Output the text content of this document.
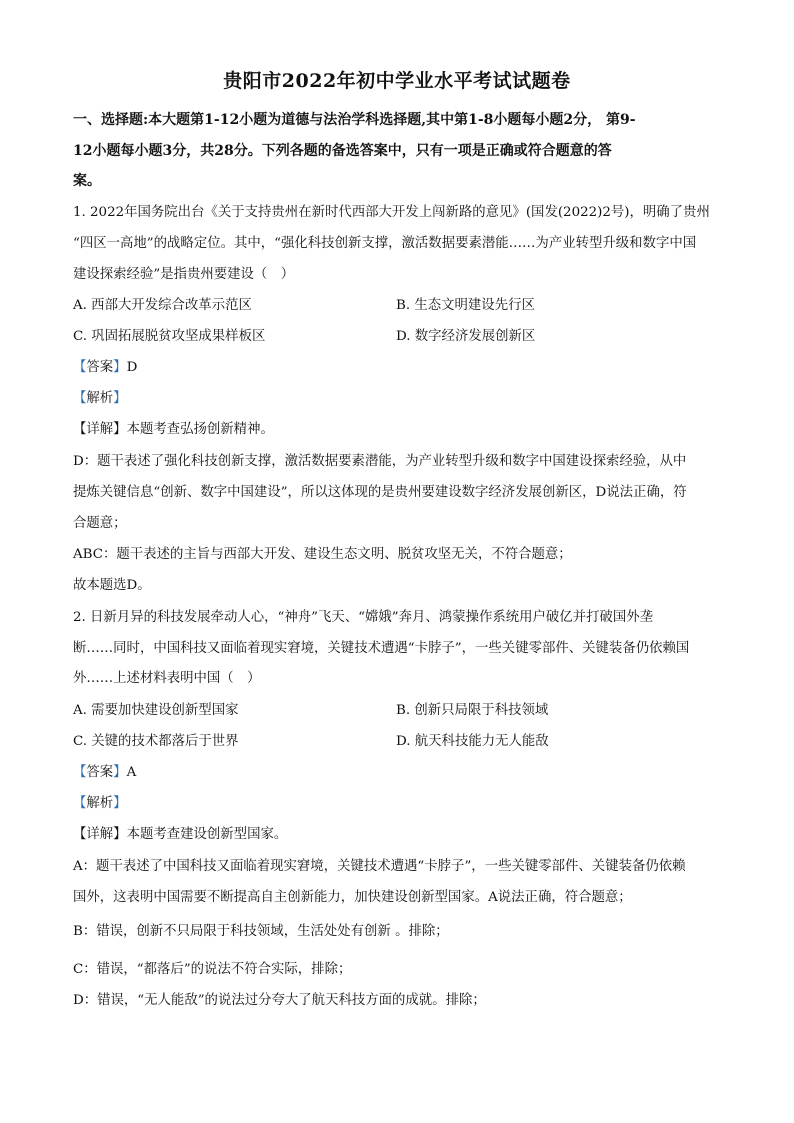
贵阳市2022年初中学业水平考试试题卷
一、选择题:本大题第1-12小题为道德与法治学科选择题,其中第1-8小题每小题2分， 第9-
12小题每小题3分，共28分。下列各题的备选答案中，只有一项是正确或符合题意的答
案。
1. 2022年国务院出台《关于支持贵州在新时代西部大开发上闯新路的意见》(国发(2022)2号)，明确了贵州
“四区一高地”的战略定位。其中，“强化科技创新支撑，激活数据要素潜能……为产业转型升级和数字中国
建设探索经验”是指贵州要建设（　）
A. 西部大开发综合改革示范区	B. 生态文明建设先行区
C. 巩固拓展脱贫攻坚成果样板区	D. 数字经济发展创新区
【答案】D
【解析】
【详解】本题考查弘扬创新精神。
D：题干表述了强化科技创新支撑，激活数据要素潜能，为产业转型升级和数字中国建设探索经验，从中
提炼关键信息“创新、数字中国建设”，所以这体现的是贵州要建设数字经济发展创新区，D说法正确，符
合题意；
ABC：题干表述的主旨与西部大开发、建设生态文明、脱贫攻坚无关，不符合题意；
故本题选D。
2. 日新月异的科技发展牵动人心，“神舟”飞天、“嫦娥”奔月、鸿蒙操作系统用户破亿并打破国外垄
断……同时，中国科技又面临着现实窘境，关键技术遭遇“卡脖子”，一些关键零部件、关键装备仍依赖国
外……上述材料表明中国（　）
A. 需要加快建设创新型国家	B. 创新只局限于科技领域
C. 关键的技术都落后于世界	D. 航天科技能力无人能敌
【答案】A
【解析】
【详解】本题考查建设创新型国家。
A：题干表述了中国科技又面临着现实窘境，关键技术遭遇“卡脖子”，一些关键零部件、关键装备仍依赖
国外，这表明中国需要不断提高自主创新能力，加快建设创新型国家。A说法正确，符合题意；
B：错误，创新不只局限于科技领域，生活处处有创新 。排除；
C：错误，“都落后”的说法不符合实际，排除；
D：错误，“无人能敌”的说法过分夸大了航天科技方面的成就。排除；
